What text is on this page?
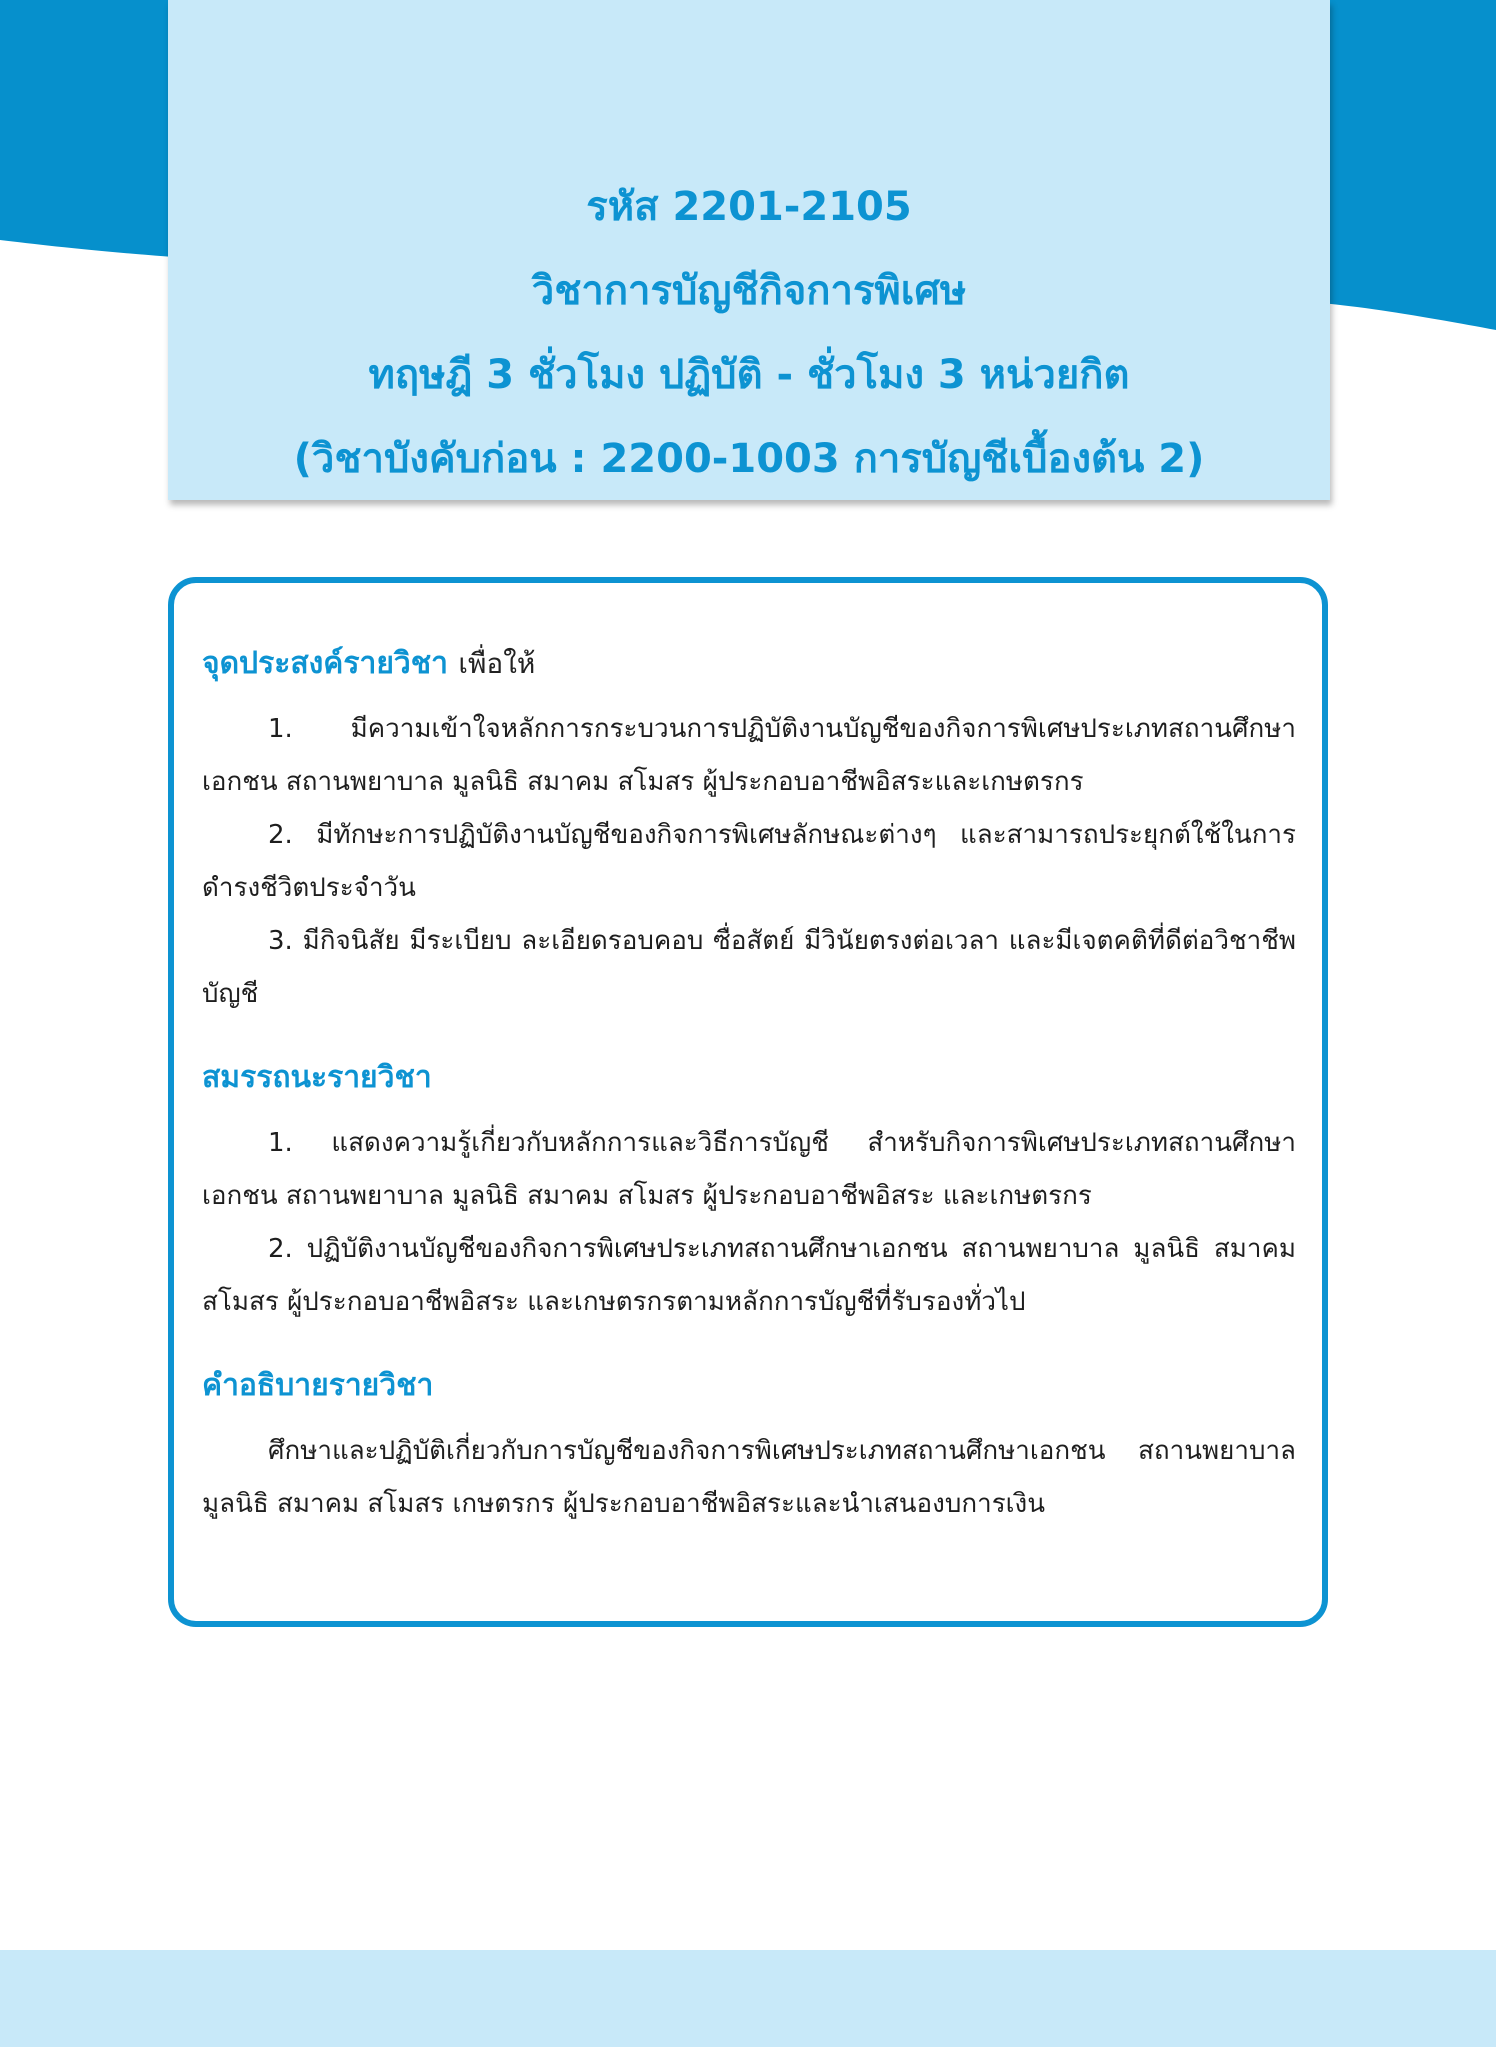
รหัส 2201-2105
วิชาการบัญชีกิจการพิเศษ
ทฤษฎี 3 ชั่วโมง ปฏิบัติ - ชั่วโมง 3 หน่วยกิต
(วิชาบังคับก่อน : 2200-1003 การบัญชีเบื้องต้น 2)
จุดประสงค์รายวิชา เพื่อให้

1. มีความเข้าใจหลักการกระบวนการปฏิบัติงานบัญชีของกิจการพิเศษประเภทสถานศึกษาเอกชน สถานพยาบาล มูลนิธิ สมาคม สโมสร ผู้ประกอบอาชีพอิสระและเกษตรกร

2. มีทักษะการปฏิบัติงานบัญชีของกิจการพิเศษลักษณะต่างๆ และสามารถประยุกต์ใช้ในการดำรงชีวิตประจำวัน

3. มีกิจนิสัย มีระเบียบ ละเอียดรอบคอบ ซื่อสัตย์ มีวินัยตรงต่อเวลา และมีเจตคติที่ดีต่อวิชาชีพบัญชี

สมรรถนะรายวิชา

1. แสดงความรู้เกี่ยวกับหลักการและวิธีการบัญชี สำหรับกิจการพิเศษประเภทสถานศึกษาเอกชน สถานพยาบาล มูลนิธิ สมาคม สโมสร ผู้ประกอบอาชีพอิสระ และเกษตรกร

2. ปฏิบัติงานบัญชีของกิจการพิเศษประเภทสถานศึกษาเอกชน สถานพยาบาล มูลนิธิ สมาคม สโมสร ผู้ประกอบอาชีพอิสระ และเกษตรกรตามหลักการบัญชีที่รับรองทั่วไป

คำอธิบายรายวิชา

ศึกษาและปฏิบัติเกี่ยวกับการบัญชีของกิจการพิเศษประเภทสถานศึกษาเอกชน สถานพยาบาล มูลนิธิ สมาคม สโมสร เกษตรกร ผู้ประกอบอาชีพอิสระและนำเสนองบการเงิน
